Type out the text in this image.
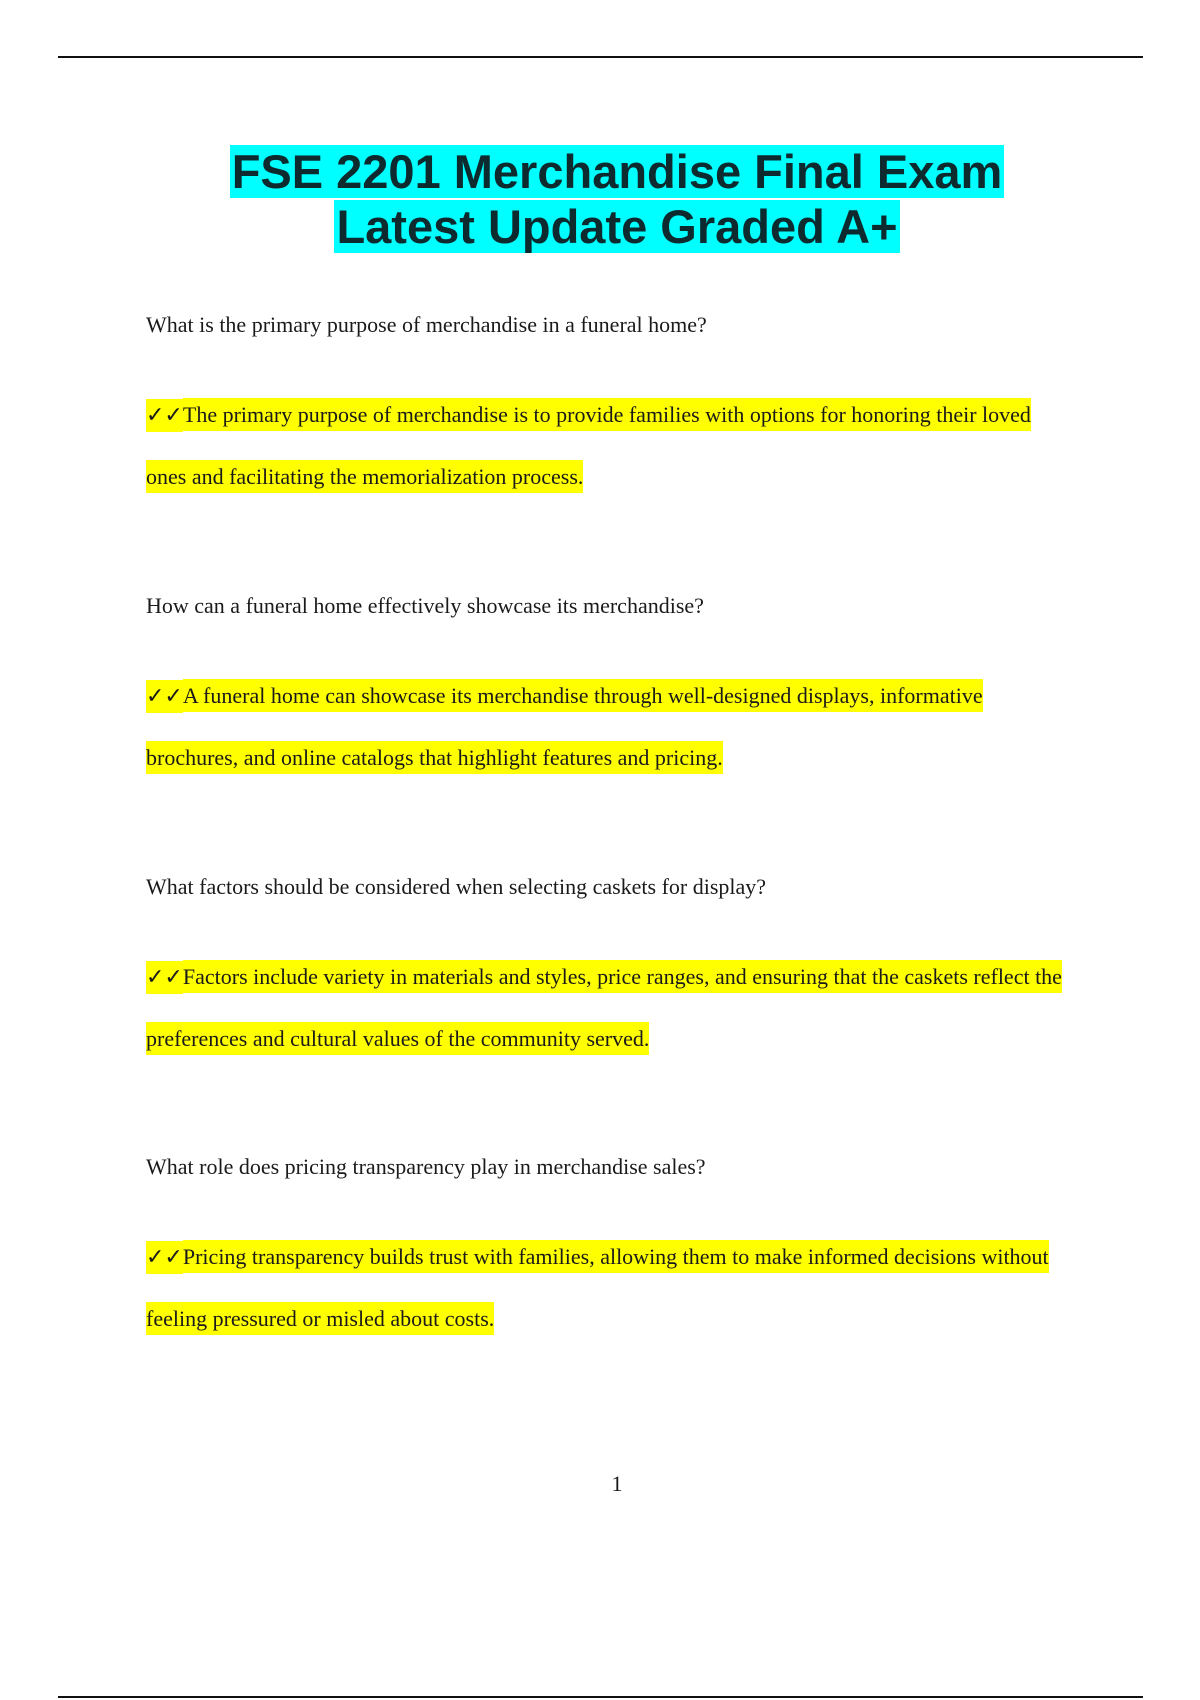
FSE 2201 Merchandise Final Exam
Latest Update Graded A+

What is the primary purpose of merchandise in a funeral home?

✓✓The primary purpose of merchandise is to provide families with options for honoring their loved ones and facilitating the memorialization process.

How can a funeral home effectively showcase its merchandise?

✓✓A funeral home can showcase its merchandise through well-designed displays, informative brochures, and online catalogs that highlight features and pricing.

What factors should be considered when selecting caskets for display?

✓✓Factors include variety in materials and styles, price ranges, and ensuring that the caskets reflect the preferences and cultural values of the community served.

What role does pricing transparency play in merchandise sales?

✓✓Pricing transparency builds trust with families, allowing them to make informed decisions without feeling pressured or misled about costs.

1
